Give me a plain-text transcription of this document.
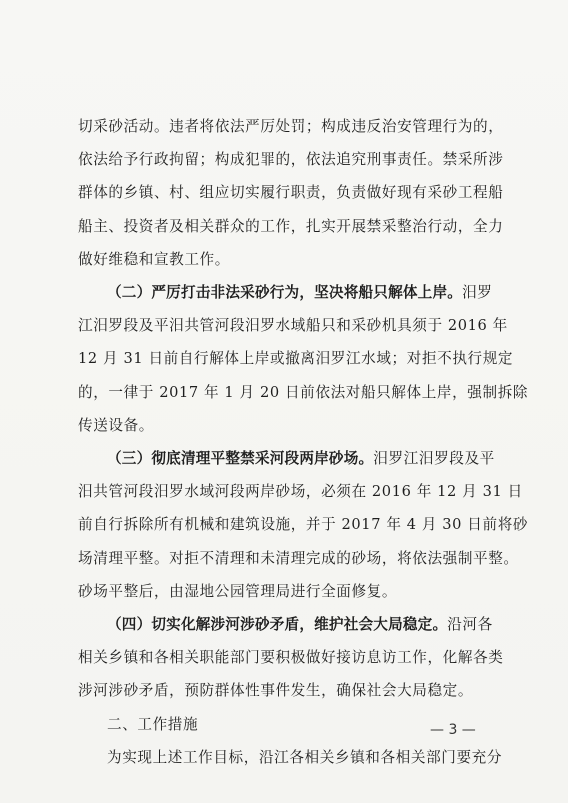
切采砂活动。违者将依法严厉处罚；构成违反治安管理行为的，
依法给予行政拘留；构成犯罪的，依法追究刑事责任。禁采所涉
群体的乡镇、村、组应切实履行职责，负责做好现有采砂工程船
船主、投资者及相关群众的工作，扎实开展禁采整治行动，全力
做好维稳和宣教工作。
（二）严厉打击非法采砂行为，坚决将船只解体上岸。汨罗
江汨罗段及平汨共管河段汨罗水域船只和采砂机具须于 2016 年
12 月 31 日前自行解体上岸或撤离汨罗江水域；对拒不执行规定
的，一律于 2017 年 1 月 20 日前依法对船只解体上岸，强制拆除
传送设备。
（三）彻底清理平整禁采河段两岸砂场。汨罗江汨罗段及平
汨共管河段汨罗水域河段两岸砂场，必须在 2016 年 12 月 31 日
前自行拆除所有机械和建筑设施，并于 2017 年 4 月 30 日前将砂
场清理平整。对拒不清理和未清理完成的砂场，将依法强制平整。
砂场平整后，由湿地公园管理局进行全面修复。
（四）切实化解涉河涉砂矛盾，维护社会大局稳定。沿河各
相关乡镇和各相关职能部门要积极做好接访息访工作，化解各类
涉河涉砂矛盾，预防群体性事件发生，确保社会大局稳定。
二、工作措施
为实现上述工作目标，沿江各相关乡镇和各相关部门要充分
— 3 —
